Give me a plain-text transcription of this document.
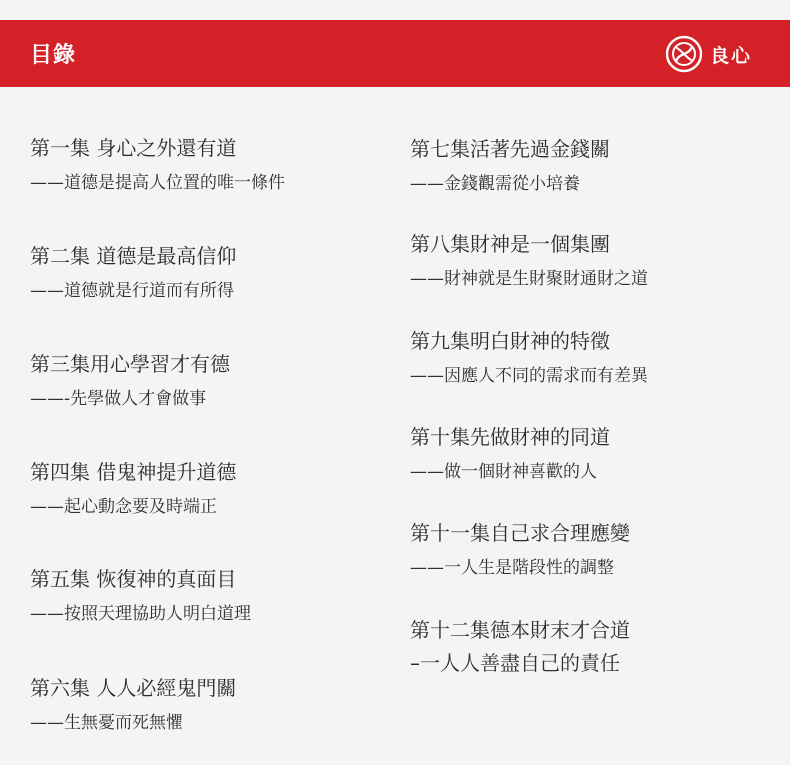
目錄	良心
第一集 身心之外還有道
——道德是提高人位置的唯一條件
第二集 道德是最高信仰
——道德就是行道而有所得
第三集用心學習才有德
——-先學做人才會做事
第四集 借鬼神提升道德
——起心動念要及時端正
第五集 恢復神的真面目
——按照天理協助人明白道理
第六集 人人必經鬼門關
——生無憂而死無懼
第七集活著先過金錢關
——金錢觀需從小培養
第八集財神是一個集團
——財神就是生財聚財通財之道
第九集明白財神的特徵
——因應人不同的需求而有差異
第十集先做財神的同道
——做一個財神喜歡的人
第十一集自己求合理應變
——一人生是階段性的調整
第十二集德本財末才合道
–一人人善盡自己的責任
